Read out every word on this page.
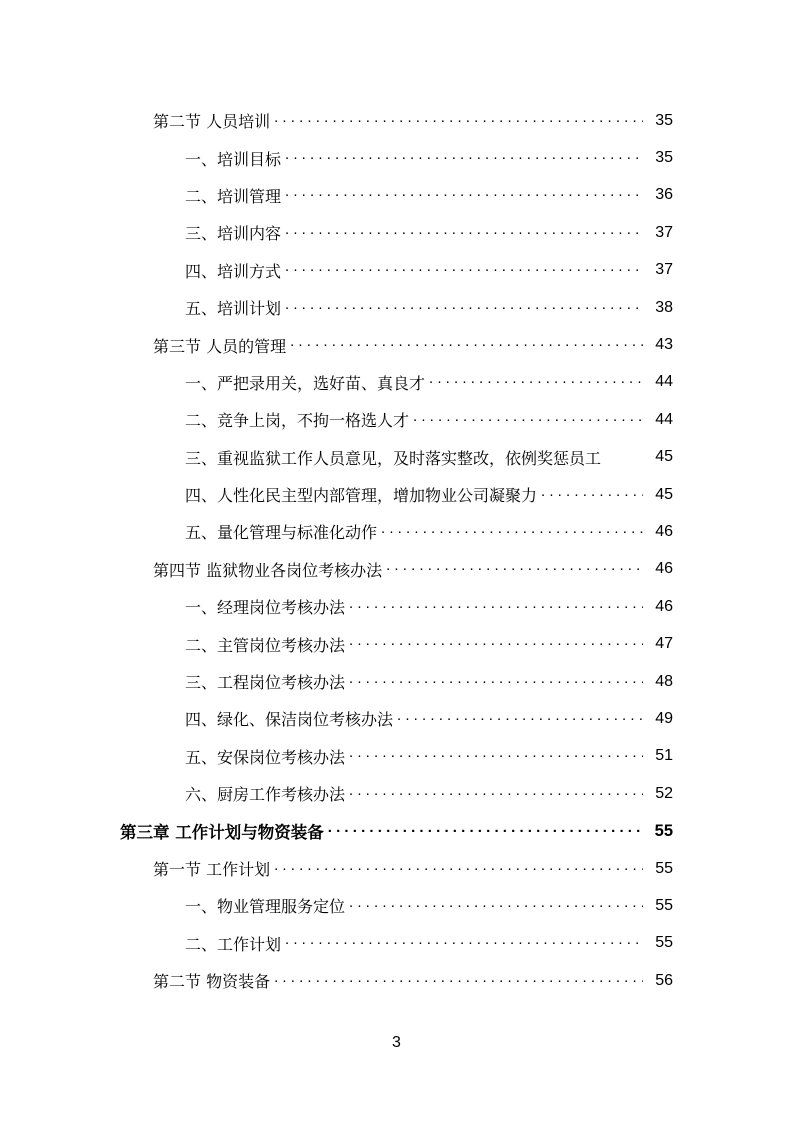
第二节 人员培训 . . .	35
一、培训目标 . . .	35
二、培训管理 . . .	36
三、培训内容 . . .	37
四、培训方式 . . .	37
五、培训计划 . . .	38
第三节 人员的管理 . . .	43
一、严把录用关，选好苗、真良才 . . .	44
二、竞争上岗，不拘一格选人才 . . .	44
三、重视监狱工作人员意见，及时落实整改，依例奖惩员工	45
四、人性化民主型内部管理，增加物业公司凝聚力 . . .	45
五、量化管理与标准化动作 . . .	46
第四节 监狱物业各岗位考核办法 . . .	46
一、经理岗位考核办法 . . .	46
二、主管岗位考核办法 . . .	47
三、工程岗位考核办法 . . .	48
四、绿化、保洁岗位考核办法 . . .	49
五、安保岗位考核办法 . . .	51
六、厨房工作考核办法 . . .	52
第三章 工作计划与物资装备 . . .	55
第一节 工作计划 . . .	55
一、物业管理服务定位 . . .	55
二、工作计划 . . .	55
第二节 物资装备 . . .	56
3
